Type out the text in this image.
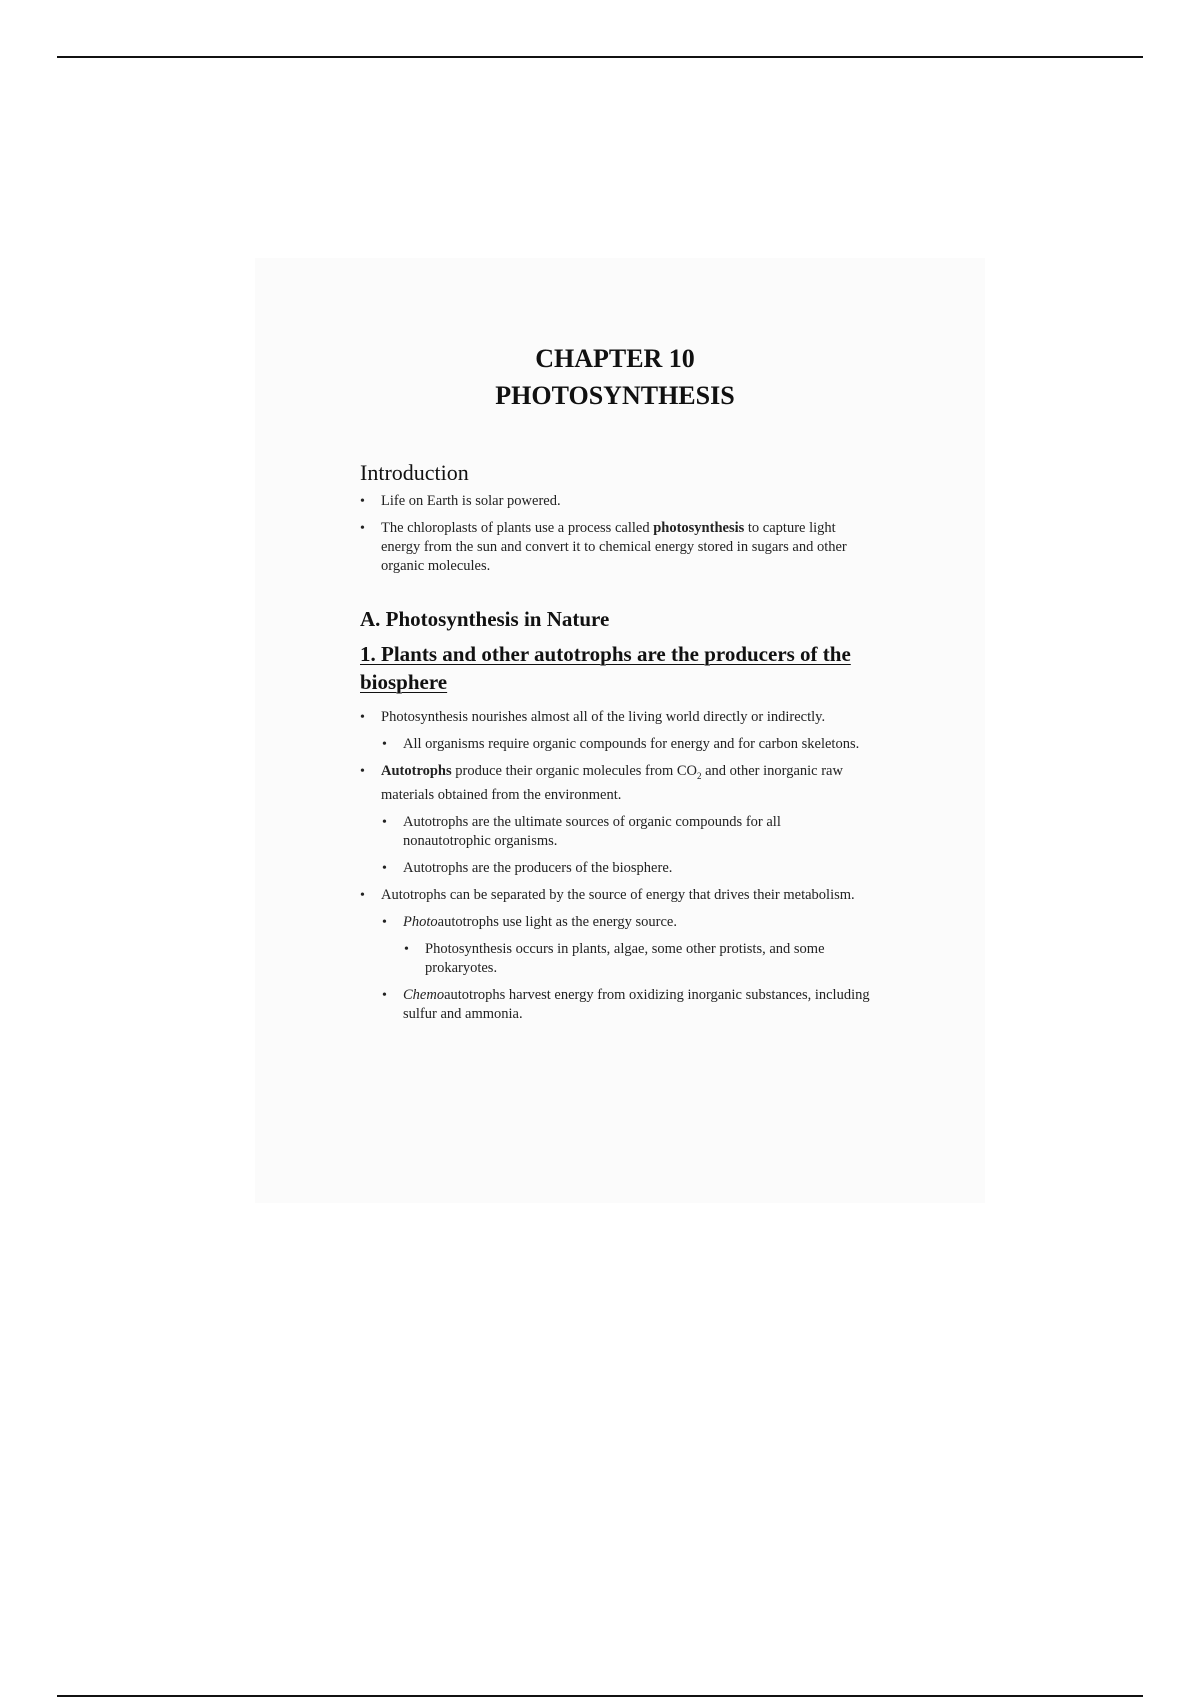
CHAPTER 10
PHOTOSYNTHESIS
Introduction
• Life on Earth is solar powered.
• The chloroplasts of plants use a process called photosynthesis to capture light energy from the sun and convert it to chemical energy stored in sugars and other organic molecules.
A. Photosynthesis in Nature
1. Plants and other autotrophs are the producers of the biosphere
• Photosynthesis nourishes almost all of the living world directly or indirectly.
• All organisms require organic compounds for energy and for carbon skeletons.
• Autotrophs produce their organic molecules from $CO_2$ and other inorganic raw materials obtained from the environment.
• Autotrophs are the ultimate sources of organic compounds for all nonautotrophic organisms.
• Autotrophs are the producers of the biosphere.
• Autotrophs can be separated by the source of energy that drives their metabolism.
• Photoautotrophs use light as the energy source.
• Photosynthesis occurs in plants, algae, some other protists, and some prokaryotes.
• Chemoautotrophs harvest energy from oxidizing inorganic substances, including sulfur and ammonia.
